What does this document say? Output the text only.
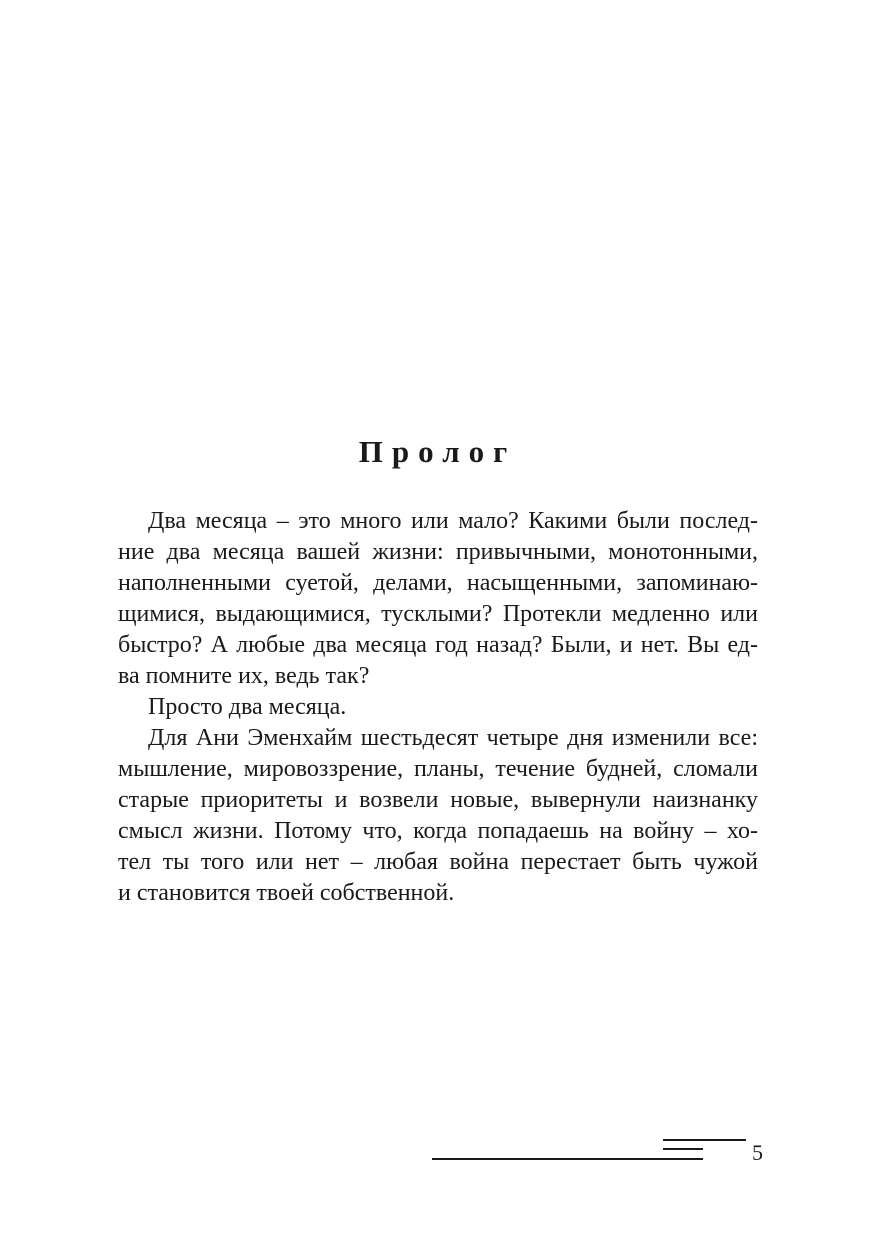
Пролог
Два месяца – это много или мало? Какими были послед-
ние два месяца вашей жизни: привычными, монотонными,
наполненными суетой, делами, насыщенными, запоминаю-
щимися, выдающимися, тусклыми? Протекли медленно или
быстро? А любые два месяца год назад? Были, и нет. Вы ед-
ва помните их, ведь так?
Просто два месяца.
Для Ани Эменхайм шестьдесят четыре дня изменили все:
мышление, мировоззрение, планы, течение будней, сломали
старые приоритеты и возвели новые, вывернули наизнанку
смысл жизни. Потому что, когда попадаешь на войну – хо-
тел ты того или нет – любая война перестает быть чужой
и становится твоей собственной.
5
